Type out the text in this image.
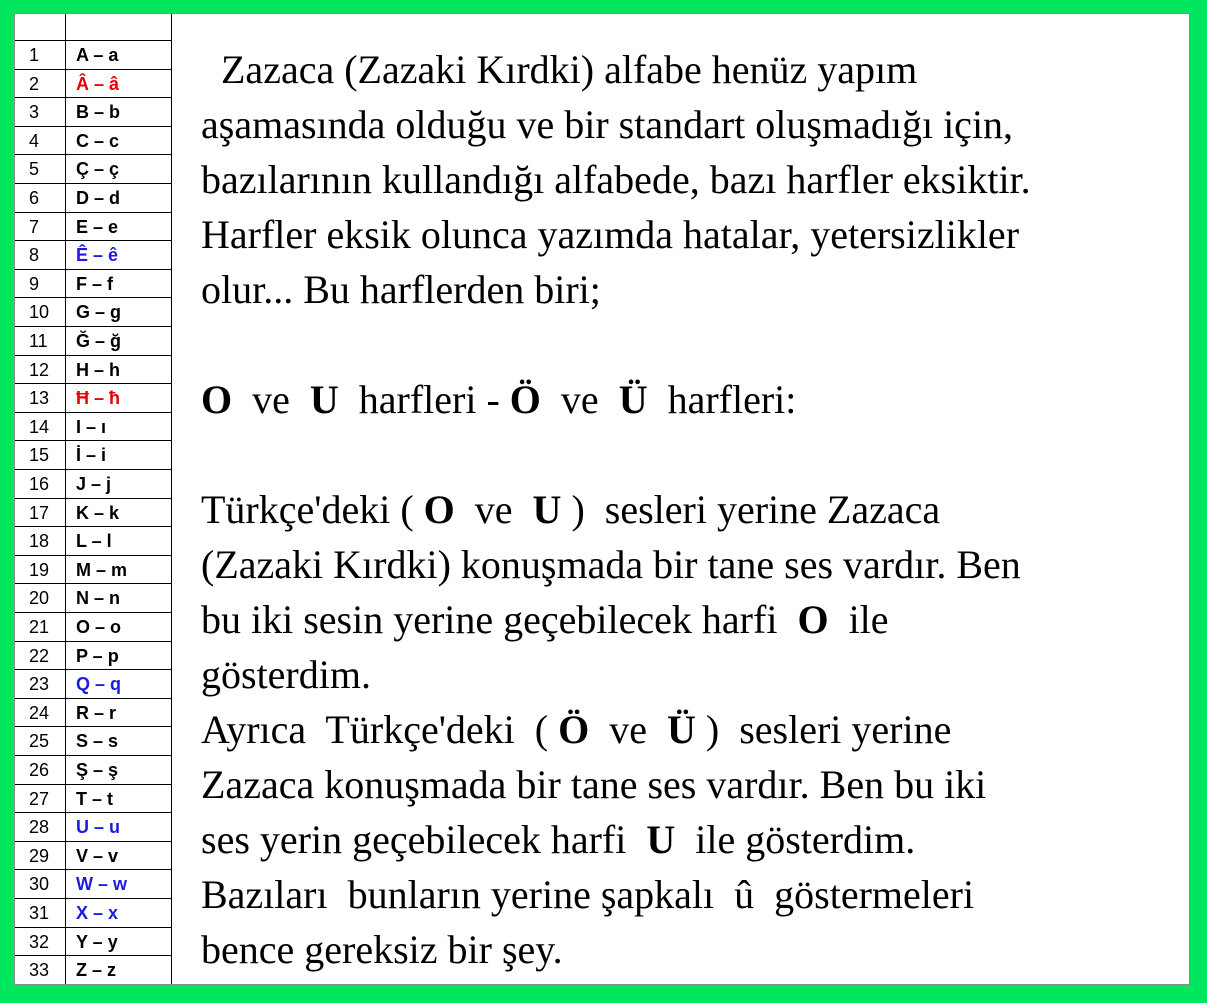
1	A – a
2	Â – â
3	B – b
4	C – c
5	Ç – ç
6	D – d
7	E – e
8	Ê – ê
9	F – f
10	G – g
11	Ğ – ğ
12	H – h
13	Ħ – ħ
14	I – ı
15	İ – i
16	J – j
17	K – k
18	L – l
19	M – m
20	N – n
21	O – o
22	P – p
23	Q – q
24	R – r
25	S – s
26	Ş – ş
27	T – t
28	U – u
29	V – v
30	W – w
31	X – x
32	Y – y
33	Z – z

Zazaca (Zazaki Kırdki) alfabe henüz yapım

aşamasında olduğu ve bir standart oluşmadığı için,

bazılarının kullandığı alfabede, bazı harfler eksiktir.

Harfler eksik olunca yazımda hatalar, yetersizlikler

olur... Bu harflerden biri;

O ve U harfleri - Ö ve Ü harfleri:

Türkçe'deki ( O  ve  U )  sesleri yerine Zazaca

(Zazaki Kırdki) konuşmada bir tane ses vardır. Ben

bu iki sesin yerine geçebilecek harfi  O  ile

gösterdim.

Ayrıca  Türkçe'deki  ( Ö  ve  Ü )  sesleri yerine

Zazaca konuşmada bir tane ses vardır. Ben bu iki

ses yerin geçebilecek harfi  U  ile gösterdim.

Bazıları  bunların yerine şapkalı  û  göstermeleri

bence gereksiz bir şey.
